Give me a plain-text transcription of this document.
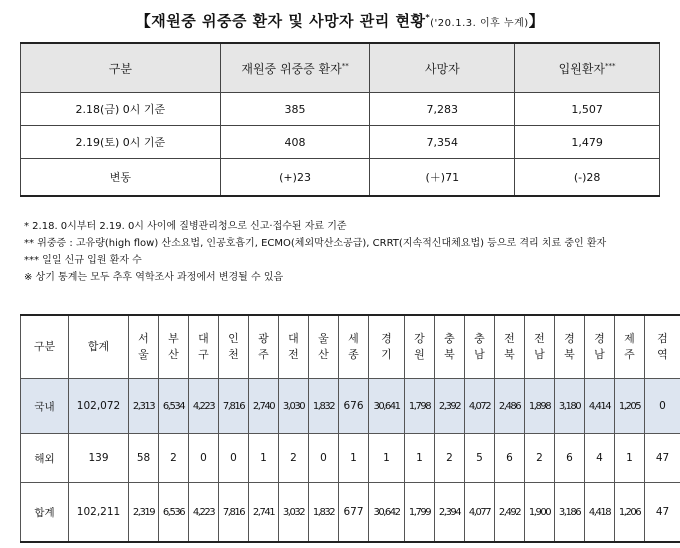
【재원중 위중증 환자 및 사망자 관리 현황*('20.1.3. 이후 누계)】
구분	재원중 위중증 환자**	사망자	입원환자***
2.18(금) 0시 기준	385	7,283	1,507
2.19(토) 0시 기준	408	7,354	1,479
변동	(+)23	(＋)71	(-)28
* 2.18. 0시부터 2.19. 0시 사이에 질병관리청으로 신고·접수된 자료 기준
** 위중증 : 고유량(high flow) 산소요법, 인공호흡기, ECMO(체외막산소공급), CRRT(지속적신대체요법) 등으로 격리 치료 중인 환자
*** 일일 신규 입원 환자 수
※ 상기 통계는 모두 추후 역학조사 과정에서 변경될 수 있음
구분	합계	서울	부산	대구	인천	광주	대전	울산	세종	경기	강원	충북	충남	전북	전남	경북	경남	제주	검역
국내	102,072	2,313	6,534	4,223	7,816	2,740	3,030	1,832	676	30,641	1,798	2,392	4,072	2,486	1,898	3,180	4,414	1,205	0
해외	139	58	2	0	0	1	2	0	1	1	1	2	5	6	2	6	4	1	47
합계	102,211	2,319	6,536	4,223	7,816	2,741	3,032	1,832	677	30,642	1,799	2,394	4,077	2,492	1,900	3,186	4,418	1,206	47
